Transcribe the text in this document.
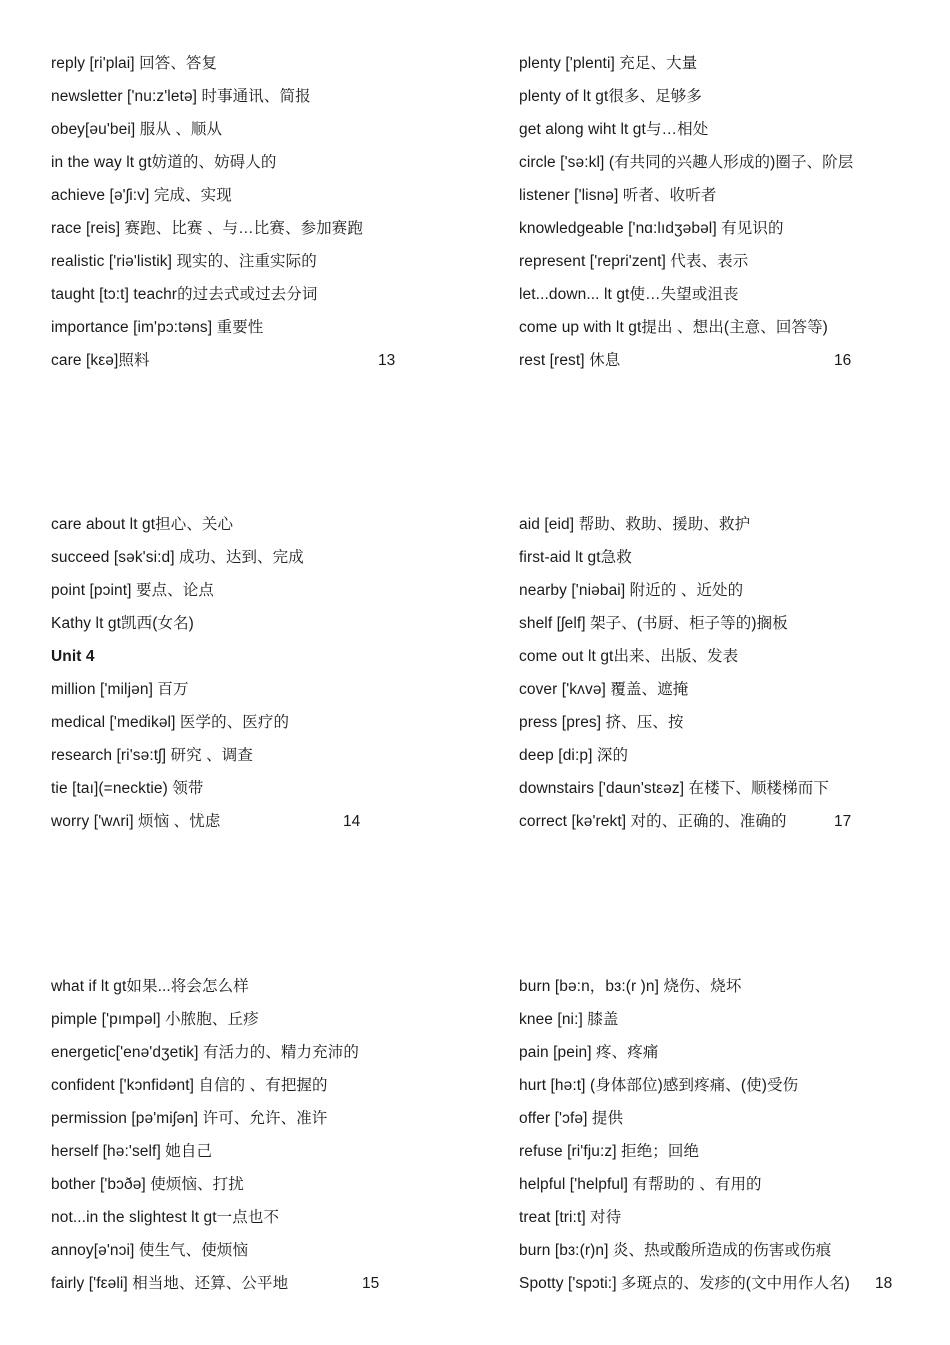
reply [ri'plai] 回答、答复
newsletter ['nu:z'letə] 时事通讯、简报
obey[əu'bei] 服从 、顺从
in the way lt gt妨道的、妨碍人的
achieve [ə'ʃi:v] 完成、实现
race [reis] 赛跑、比赛 、与…比赛、参加赛跑
realistic ['riə'listik] 现实的、注重实际的
taught [tɔ:t] teachr的过去式或过去分词
importance [im'pɔ:təns] 重要性
care [kεə]照料	13
plenty ['plenti] 充足、大量
plenty of lt gt很多、足够多
get along wiht lt gt与…相处
circle ['sə:kl] (有共同的兴趣人形成的)圈子、阶层
listener ['lisnə] 听者、收听者
knowledgeable ['nɑ:lıdʒəbəl] 有见识的
represent ['repri'zent] 代表、表示
let...down... lt gt使…失望或沮丧
come up with lt gt提出 、想出(主意、回答等)
rest [rest] 休息	16
care about lt gt担心、关心
succeed [sək'si:d] 成功、达到、完成
point [pɔint] 要点、论点
Kathy lt gt凯西(女名)
Unit 4
million ['miljən] 百万
medical ['medikəl] 医学的、医疗的
research [ri'sə:tʃ] 研究 、调查
tie [taı](=necktie) 领带
worry ['wʌri] 烦恼 、忧虑	14
aid [eid] 帮助、救助、援助、救护
first-aid lt gt急救
nearby ['niəbai] 附近的 、近处的
shelf [ʃelf] 架子、(书厨、柜子等的)搁板
come out lt gt出来、出版、发表
cover ['kʌvə] 覆盖、遮掩
press [pres] 挤、压、按
deep [di:p] 深的
downstairs ['daun'stεəz] 在楼下、顺楼梯而下
correct [kə'rekt] 对的、正确的、准确的	17
what if lt gt如果...将会怎么样
pimple ['pımpəl] 小脓胞、丘疹
energetic['enə'dʒetik] 有活力的、精力充沛的
confident ['kɔnfidənt] 自信的 、有把握的
permission [pə'miʃən] 许可、允许、准许
herself [hə:'self] 她自己
bother ['bɔðə] 使烦恼、打扰
not...in the slightest lt gt一点也不
annoy[ə'nɔi] 使生气、使烦恼
fairly ['fεəli] 相当地、还算、公平地	15
burn [bə:n，bɜ:(r )n] 烧伤、烧坏
knee [ni:] 膝盖
pain [pein] 疼、疼痛
hurt [hə:t] (身体部位)感到疼痛、(使)受伤
offer ['ɔfə] 提供
refuse [ri'fju:z] 拒绝；回绝
helpful ['helpful] 有帮助的 、有用的
treat [tri:t] 对待
burn [bɜ:(r)n] 炎、热或酸所造成的伤害或伤痕
Spotty ['spɔti:] 多斑点的、发疹的(文中用作人名) 18
